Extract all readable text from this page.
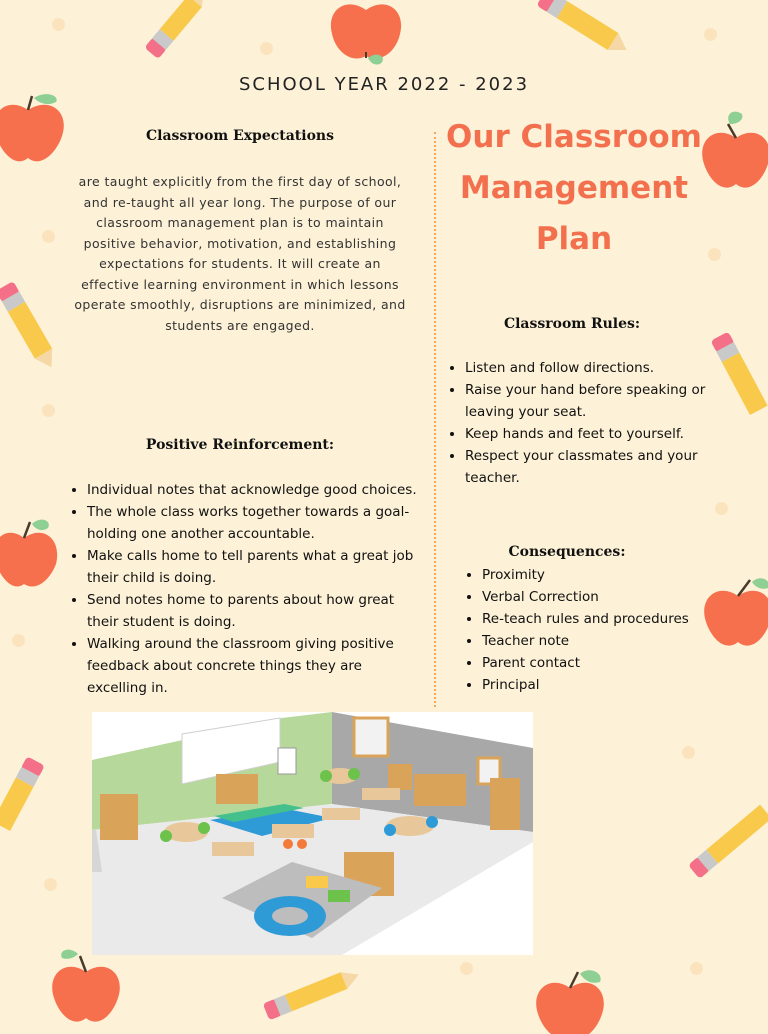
SCHOOL YEAR 2022 - 2023
Our Classroom
Management
Plan
Classroom Expectations
are taught explicitly from the first day of school, and re-taught all year long. The purpose of our classroom management plan is to maintain positive behavior, motivation, and establishing expectations for students. It will create an effective learning environment in which lessons operate smoothly, disruptions are minimized, and students are engaged.
Positive Reinforcement:
• Individual notes that acknowledge good choices.
• The whole class works together towards a goal- holding one another accountable.
• Make calls home to tell parents what a great job their child is doing.
• Send notes home to parents about how great their student is doing.
• Walking around the classroom giving positive feedback about concrete things they are excelling in.
Classroom Rules:
• Listen and follow directions.
• Raise your hand before speaking or leaving your seat.
• Keep hands and feet to yourself.
• Respect your classmates and your teacher.
Consequences:
• Proximity
• Verbal Correction
• Re-teach rules and procedures
• Teacher note
• Parent contact
• Principal
